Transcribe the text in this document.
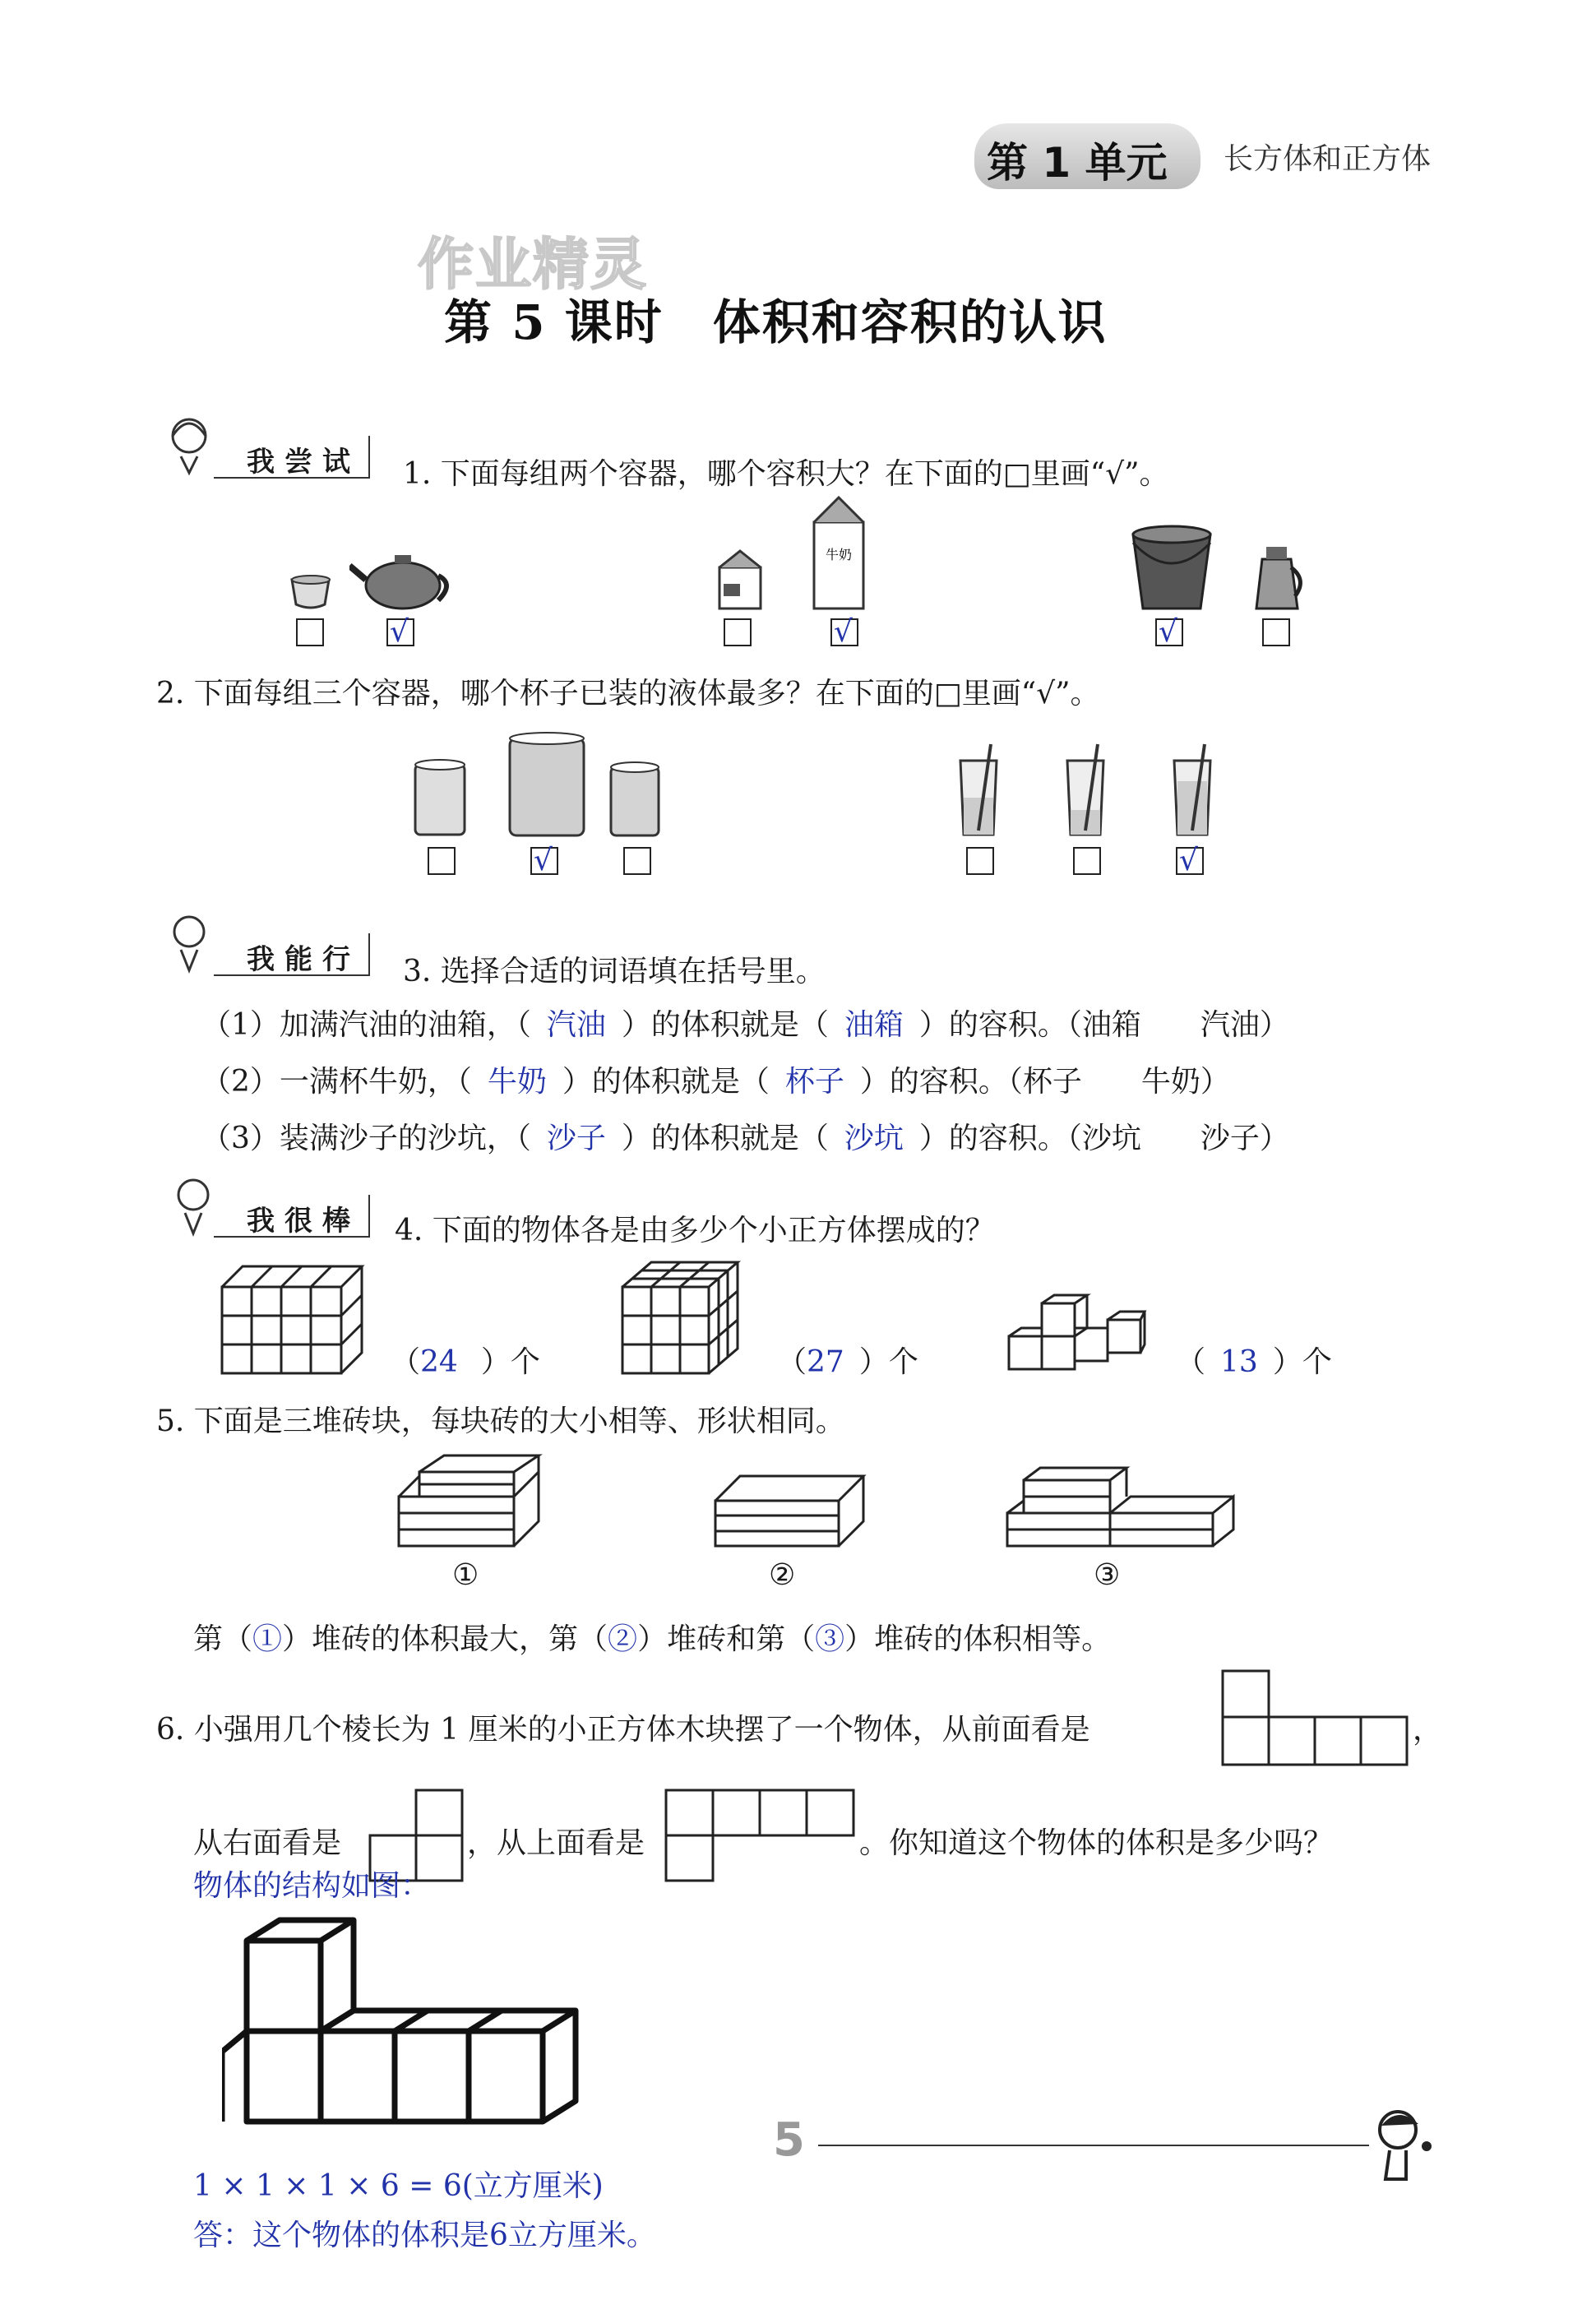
第 1 单元 长方体和正方体
作业精灵
第 5 课时　体积和容积的认识
我尝试 1. 下面每组两个容器，哪个容积大？在下面的□里画“√”。
牛奶
√	√	√
2. 下面每组三个容器，哪个杯子已装的液体最多？在下面的□里画“√”。
√	√
我能行 3. 选择合适的词语填在括号里。
（1）加满汽油的油箱，（ 汽油 ）的体积就是（ 油箱 ）的容积。（油箱　　汽油）
（2）一满杯牛奶，（ 牛奶 ）的体积就是（ 杯子 ）的容积。（杯子　　牛奶）
（3）装满沙子的沙坑，（ 沙子 ）的体积就是（ 沙坑 ）的容积。（沙坑　　沙子）
我很棒 4. 下面的物体各是由多少个小正方体摆成的？
（24 ）个	（27 ）个	（ 13 ）个
5. 下面是三堆砖块，每块砖的大小相等、形状相同。
①	②	③
第（①）堆砖的体积最大，第（②）堆砖和第（③）堆砖的体积相等。
6. 小强用几个棱长为 1 厘米的小正方体木块摆了一个物体，从前面看是	，
从右面看是	，从上面看是	。你知道这个物体的体积是多少吗？
物体的结构如图：
1 × 1 × 1 × 6 = 6(立方厘米)
答：这个物体的体积是6立方厘米。
5
